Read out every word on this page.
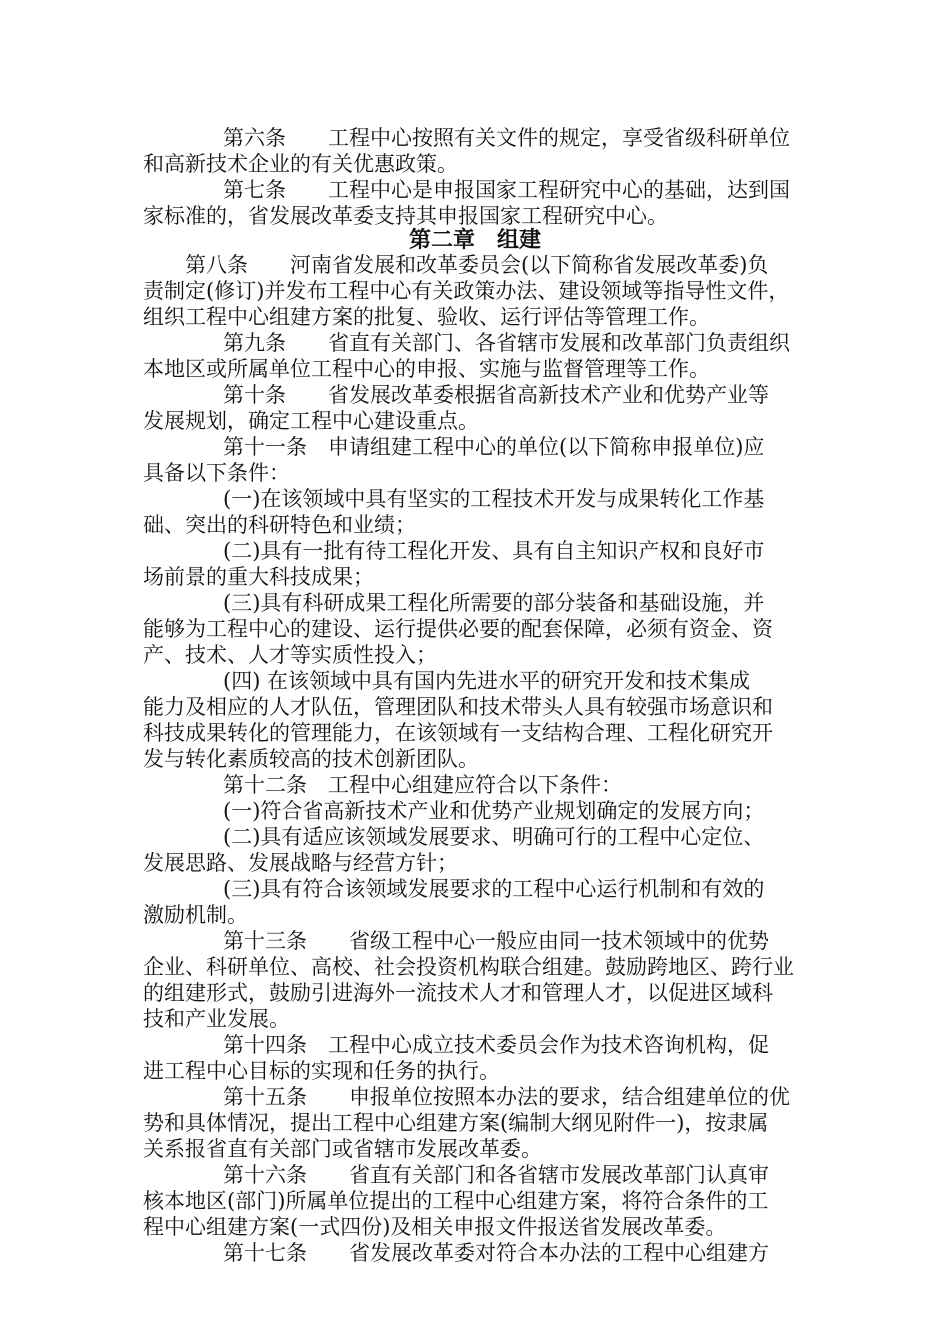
第六条　　工程中心按照有关文件的规定，享受省级科研单位
和高新技术企业的有关优惠政策。
第七条　　工程中心是申报国家工程研究中心的基础，达到国
家标准的，省发展改革委支持其申报国家工程研究中心。
第二章　组建
第八条　　河南省发展和改革委员会(以下简称省发展改革委)负
责制定(修订)并发布工程中心有关政策办法、建设领域等指导性文件，
组织工程中心组建方案的批复、验收、运行评估等管理工作。
第九条　　省直有关部门、各省辖市发展和改革部门负责组织
本地区或所属单位工程中心的申报、实施与监督管理等工作。
第十条　　省发展改革委根据省高新技术产业和优势产业等
发展规划，确定工程中心建设重点。
第十一条　申请组建工程中心的单位(以下简称申报单位)应
具备以下条件：
(一)在该领域中具有坚实的工程技术开发与成果转化工作基
础、突出的科研特色和业绩；
(二)具有一批有待工程化开发、具有自主知识产权和良好市
场前景的重大科技成果；
(三)具有科研成果工程化所需要的部分装备和基础设施，并
能够为工程中心的建设、运行提供必要的配套保障，必须有资金、资
产、技术、人才等实质性投入；
(四) 在该领域中具有国内先进水平的研究开发和技术集成
能力及相应的人才队伍，管理团队和技术带头人具有较强市场意识和
科技成果转化的管理能力，在该领域有一支结构合理、工程化研究开
发与转化素质较高的技术创新团队。
第十二条　工程中心组建应符合以下条件：
(一)符合省高新技术产业和优势产业规划确定的发展方向；
(二)具有适应该领域发展要求、明确可行的工程中心定位、
发展思路、发展战略与经营方针；
(三)具有符合该领域发展要求的工程中心运行机制和有效的
激励机制。
第十三条　　省级工程中心一般应由同一技术领域中的优势
企业、科研单位、高校、社会投资机构联合组建。鼓励跨地区、跨行业
的组建形式，鼓励引进海外一流技术人才和管理人才，以促进区域科
技和产业发展。
第十四条　工程中心成立技术委员会作为技术咨询机构，促
进工程中心目标的实现和任务的执行。
第十五条　　申报单位按照本办法的要求，结合组建单位的优
势和具体情况，提出工程中心组建方案(编制大纲见附件一)，按隶属
关系报省直有关部门或省辖市发展改革委。
第十六条　　省直有关部门和各省辖市发展改革部门认真审
核本地区(部门)所属单位提出的工程中心组建方案，将符合条件的工
程中心组建方案(一式四份)及相关申报文件报送省发展改革委。
第十七条　　省发展改革委对符合本办法的工程中心组建方
